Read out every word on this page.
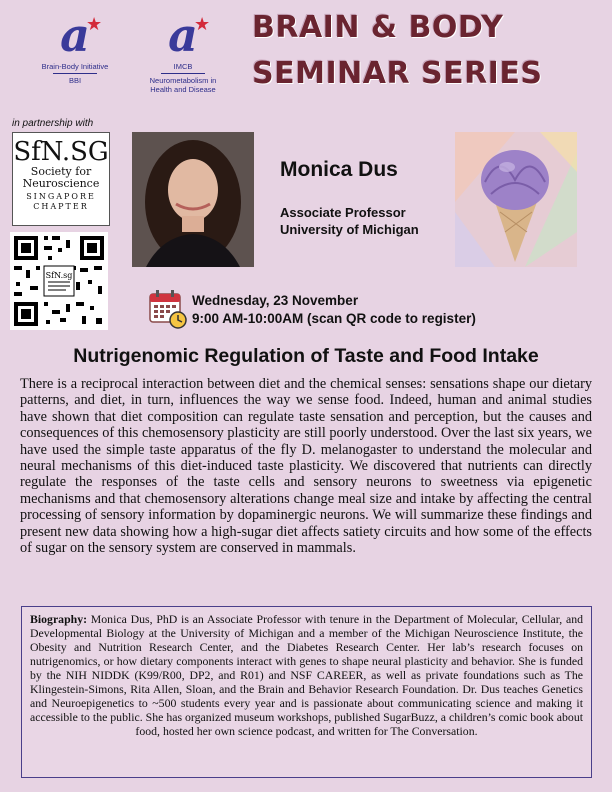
a
★
Brain-Body Initiative
BBI
a
★
IMCB
Neurometabolism in
Health and Disease
BRAIN & BODY
SEMINAR SERIES
in partnership with
SfN.SG
Society for
Neuroscience
SINGAPORE
CHAPTER
SfN.sg
Monica Dus
Associate Professor
University of Michigan
Wednesday, 23 November
9:00 AM-10:00AM (scan QR code to register)
Nutrigenomic Regulation of Taste and Food Intake
There is a reciprocal interaction between diet and the chemical senses: sensations shape our dietary patterns, and diet, in turn, influences the way we sense food. Indeed, human and animal studies have shown that diet composition can regulate taste sensation and perception, but the causes and consequences of this chemosensory plasticity are still poorly understood. Over the last six years, we have used the simple taste apparatus of the fly D. melanogaster to understand the molecular and neural mechanisms of this diet-induced taste plasticity. We discovered that nutrients can directly regulate the responses of the taste cells and sensory neurons to sweetness via epigenetic mechanisms and that chemosensory alterations change meal size and intake by affecting the central processing of sensory information by dopaminergic neurons. We will summarize these findings and present new data showing how a high-sugar diet affects satiety circuits and how some of the effects of sugar on the sensory system are conserved in mammals.
Biography: Monica Dus, PhD is an Associate Professor with tenure in the Department of Molecular, Cellular, and Developmental Biology at the University of Michigan and a member of the Michigan Neuroscience Institute, the Obesity and Nutrition Research Center, and the Diabetes Research Center. Her lab’s research focuses on nutrigenomics, or how dietary components interact with genes to shape neural plasticity and behavior. She is funded by the NIH NIDDK (K99/R00, DP2, and R01) and NSF CAREER, as well as private foundations such as The Klingestein-Simons, Rita Allen, Sloan, and the Brain and Behavior Research Foundation. Dr. Dus teaches Genetics and Neuroepigenetics to ~500 students every year and is passionate about communicating science and making it accessible to the public. She has organized museum workshops, published SugarBuzz, a children’s comic book about food, hosted her own science podcast, and written for The Conversation.
